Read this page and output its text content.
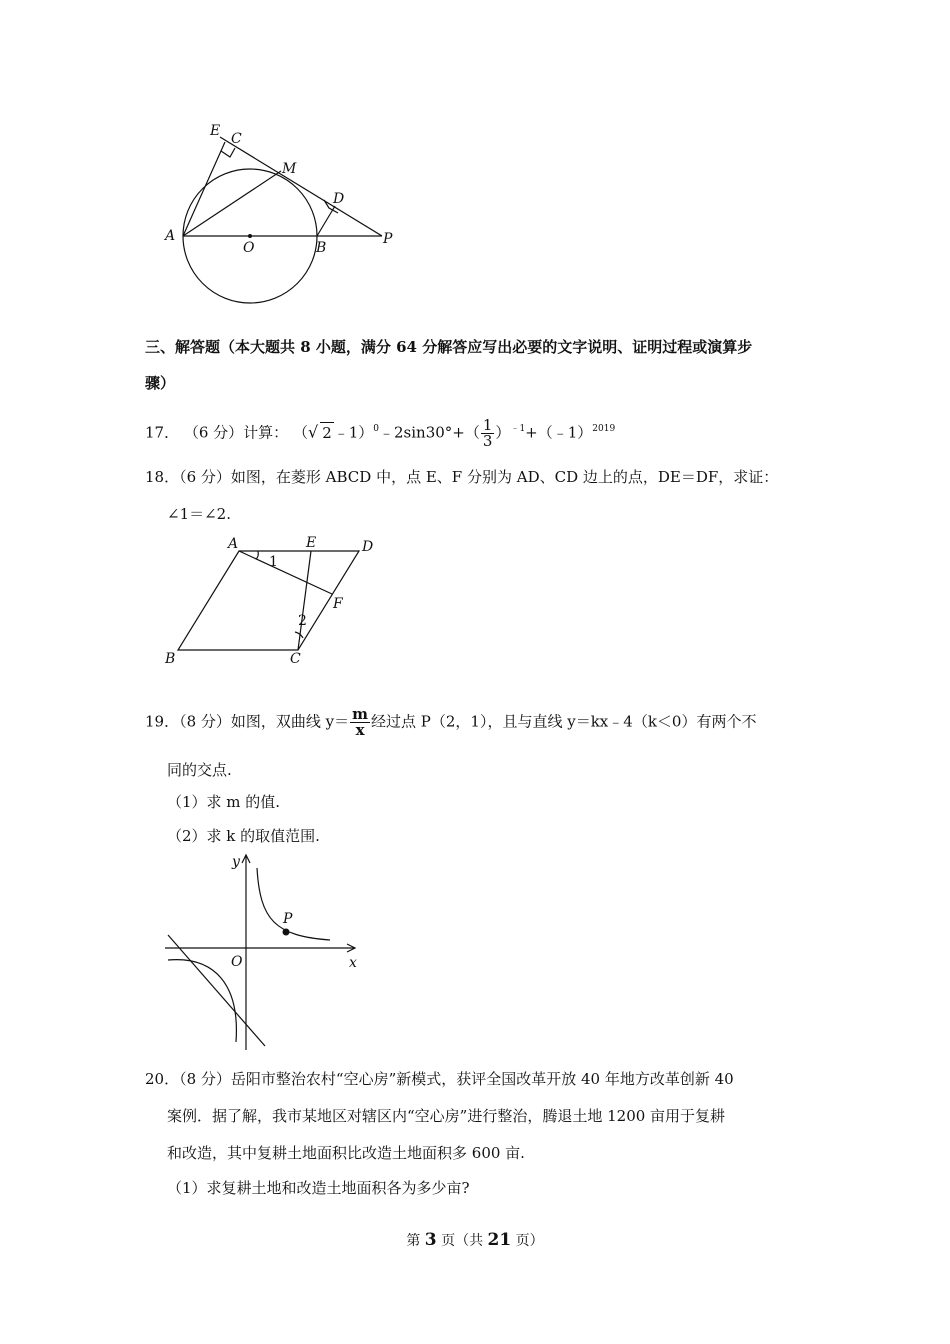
E C
M
D
A
O	B
P
三、解答题（本大题共 8 小题，满分 64 分解答应写出必要的文字说明、证明过程或演算步
骤）
17． （6 分）计算： （√ 2 ﹣1）$^0$﹣2sin30°+（ $\frac{1}{3}$ ）$^{﹣1}$+（﹣1）$^{2019}$
18．（6 分）如图，在菱形 ABCD 中，点 E、F 分别为 AD、CD 边上的点，DE＝DF，求证：
∠1＝∠2.
A	E	D
1
F
2
B	C
19．（8 分）如图，双曲线 $y= \frac{m}{x}$ 经过点 P（2，1），且与直线 y＝kx﹣4（k＜0）有两个不
同的交点.
（1）求 m 的值.
（2）求 k 的取值范围.
y
P
O	x
20．（8 分）岳阳市整治农村“空心房”新模式，获评全国改革开放 40 年地方改革创新 40
案例．据了解，我市某地区对辖区内“空心房”进行整治，腾退土地 1200 亩用于复耕
和改造，其中复耕土地面积比改造土地面积多 600 亩.
（1）求复耕土地和改造土地面积各为多少亩?
第 3 页（共 21 页）
